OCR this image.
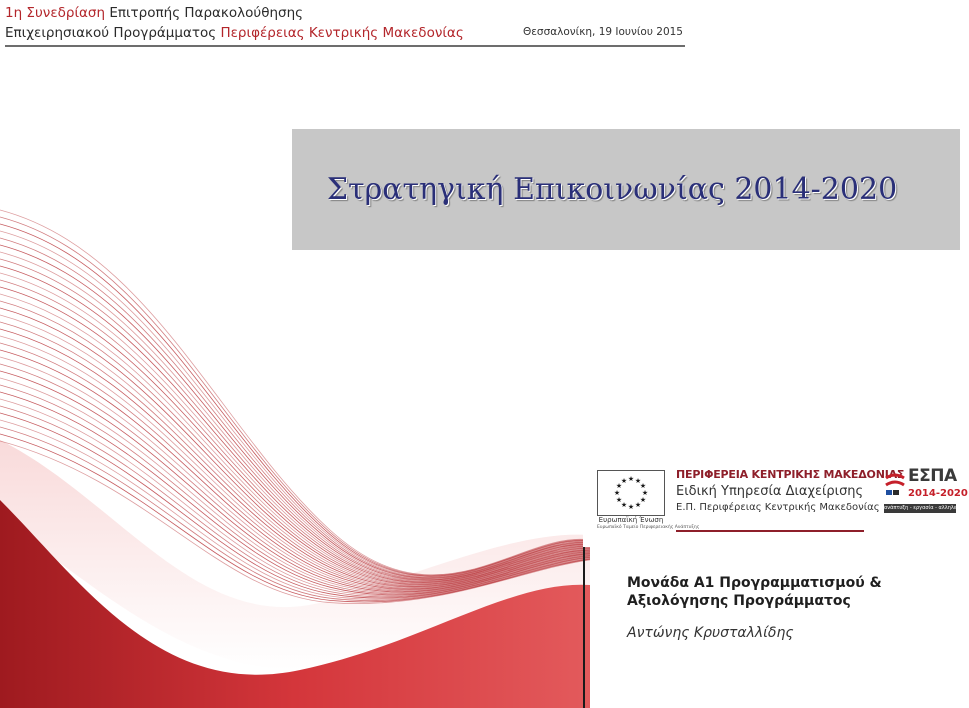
1η Συνεδρίαση Επιτροπής Παρακολούθησης
Επιχειρησιακού Προγράμματος Περιφέρειας Κεντρικής Μακεδονίας	Θεσσαλονίκη, 19 Ιουνίου 2015
Στρατηγική Επικοινωνίας 2014-2020
★ ★
★
★
★
★
★
★
★
★
★
★
Ευρωπαϊκή Ένωση
Ευρωπαϊκό Ταμείο Περιφερειακής Ανάπτυξης
ΠΕΡΙΦΕΡΕΙΑ ΚΕΝΤΡΙΚΗΣ ΜΑΚΕΔΟΝΙΑΣ
Ειδική Υπηρεσία Διαχείρισης
Ε.Π. Περιφέρειας Κεντρικής Μακεδονίας
ΕΣΠΑ
2014-2020
ανάπτυξη - εργασία - αλληλεγγύη
Μονάδα Α1 Προγραμματισμού &
Αξιολόγησης Προγράμματος
Αντώνης Κρυσταλλίδης
